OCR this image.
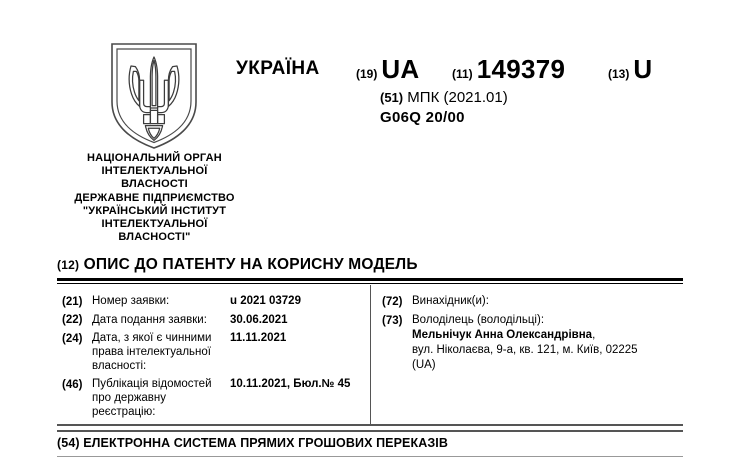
НАЦІОНАЛЬНИЙ ОРГАН
ІНТЕЛЕКТУАЛЬНОЇ
ВЛАСНОСТІ
ДЕРЖАВНЕ ПІДПРИЄМСТВО
"УКРАЇНСЬКИЙ ІНСТИТУТ
ІНТЕЛЕКТУАЛЬНОЇ
ВЛАСНОСТІ"
УКРАЇНА	(19) UA	(11) 149379	(13) U
(51) МПК (2021.01)
G06Q 20/00
(12) ОПИС ДО ПАТЕНТУ НА КОРИСНУ МОДЕЛЬ
(21) Номер заявки:	u 2021 03729
(22) Дата подання заявки:	30.06.2021
(24) Дата, з якої є чинними
права інтелектуальної
власності:
11.11.2021
(46) Публікація відомостей
про державну
реєстрацію:
10.11.2021, Бюл.№ 45
(72) Винахідник(и):
(73) Володілець (володільці):
Мельнічук Анна Олександрівна,
вул. Ніколаєва, 9-а, кв. 121, м. Київ, 02225
(UA)
(54) ЕЛЕКТРОННА СИСТЕМА ПРЯМИХ ГРОШОВИХ ПЕРЕКАЗІВ
